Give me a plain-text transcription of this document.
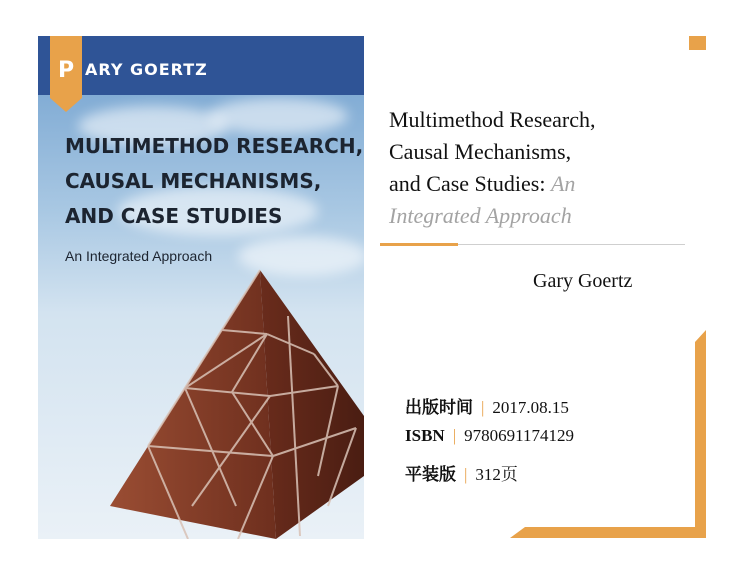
P ARY GOERTZ
MULTIMETHOD RESEARCH,
CAUSAL MECHANISMS,
AND CASE STUDIES
An Integrated Approach
Multimethod Research,
Causal Mechanisms,
and Case Studies: An
Integrated Approach
Gary Goertz
出版时间 | 2017.08.15
ISBN | 9780691174129
平装版 | 312页
